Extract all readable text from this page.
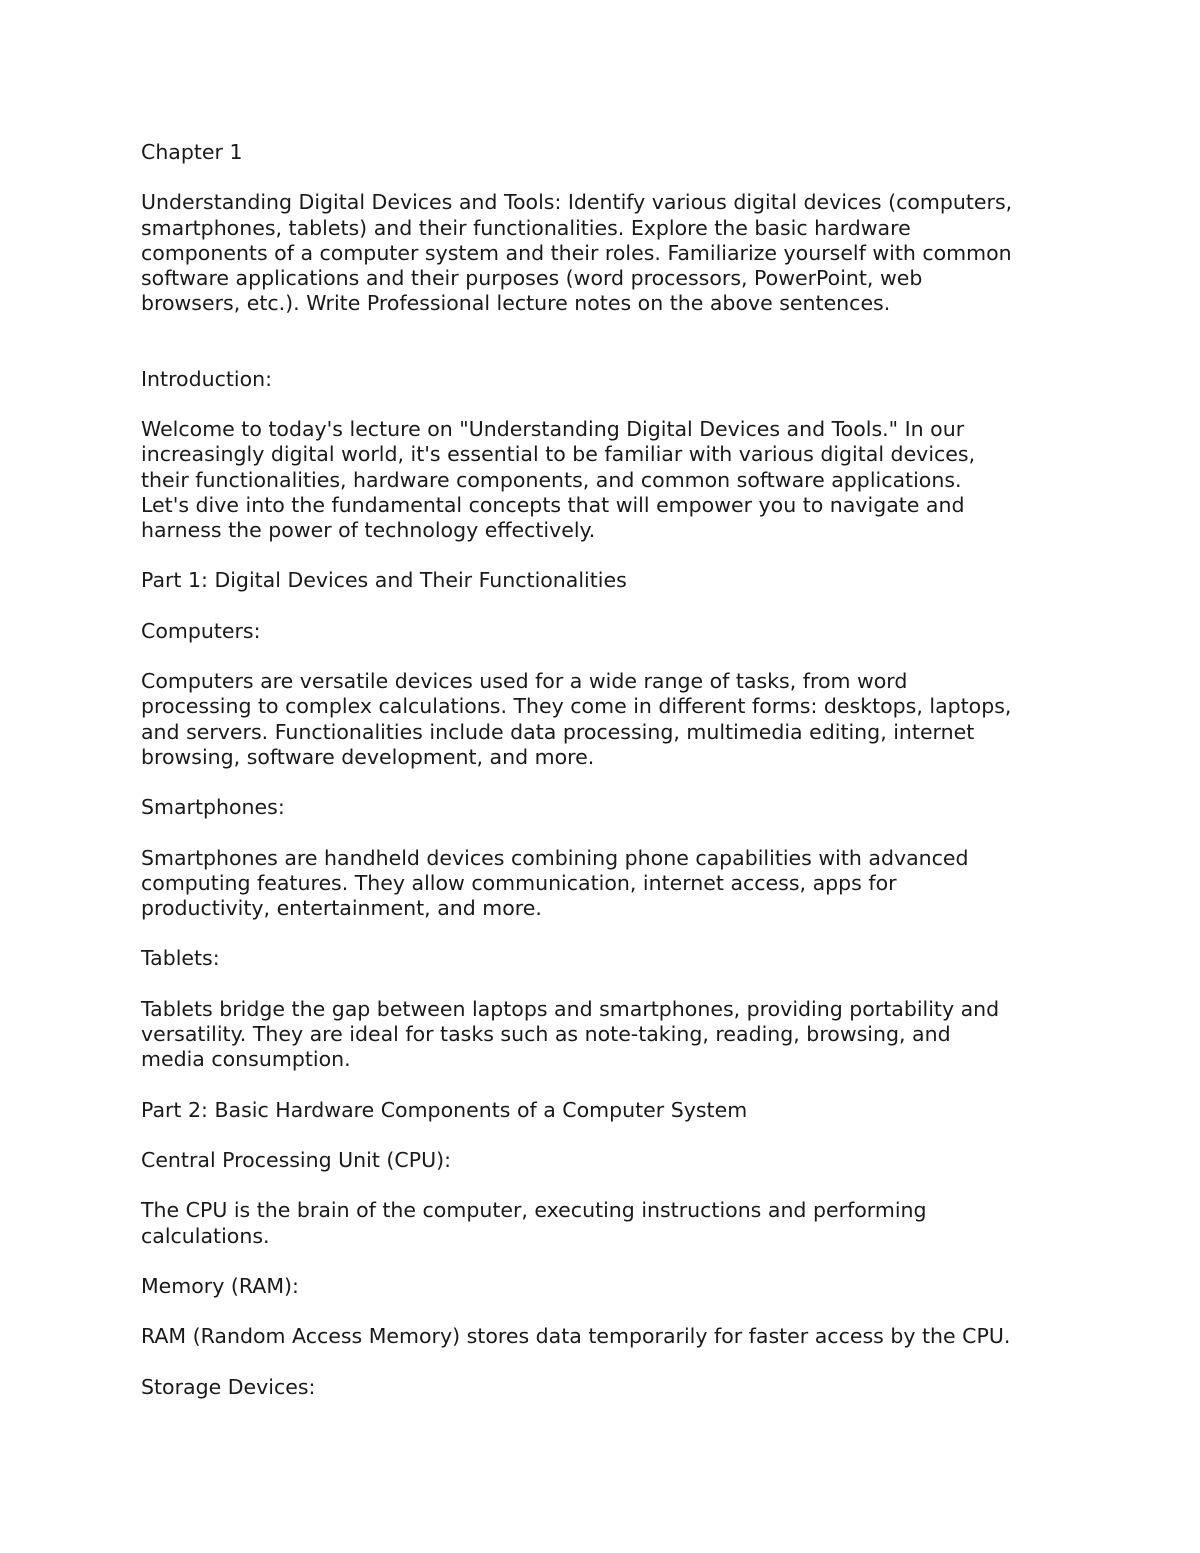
Chapter 1

Understanding Digital Devices and Tools: Identify various digital devices (computers,

smartphones, tablets) and their functionalities. Explore the basic hardware

components of a computer system and their roles. Familiarize yourself with common

software applications and their purposes (word processors, PowerPoint, web

browsers, etc.). Write Professional lecture notes on the above sentences.

Introduction:

Welcome to today's lecture on "Understanding Digital Devices and Tools." In our

increasingly digital world, it's essential to be familiar with various digital devices,

their functionalities, hardware components, and common software applications.

Let's dive into the fundamental concepts that will empower you to navigate and

harness the power of technology effectively.

Part 1: Digital Devices and Their Functionalities

Computers:

Computers are versatile devices used for a wide range of tasks, from word

processing to complex calculations. They come in different forms: desktops, laptops,

and servers. Functionalities include data processing, multimedia editing, internet

browsing, software development, and more.

Smartphones:

Smartphones are handheld devices combining phone capabilities with advanced

computing features. They allow communication, internet access, apps for

productivity, entertainment, and more.

Tablets:

Tablets bridge the gap between laptops and smartphones, providing portability and

versatility. They are ideal for tasks such as note-taking, reading, browsing, and

media consumption.

Part 2: Basic Hardware Components of a Computer System

Central Processing Unit (CPU):

The CPU is the brain of the computer, executing instructions and performing

calculations.

Memory (RAM):

RAM (Random Access Memory) stores data temporarily for faster access by the CPU.

Storage Devices:
